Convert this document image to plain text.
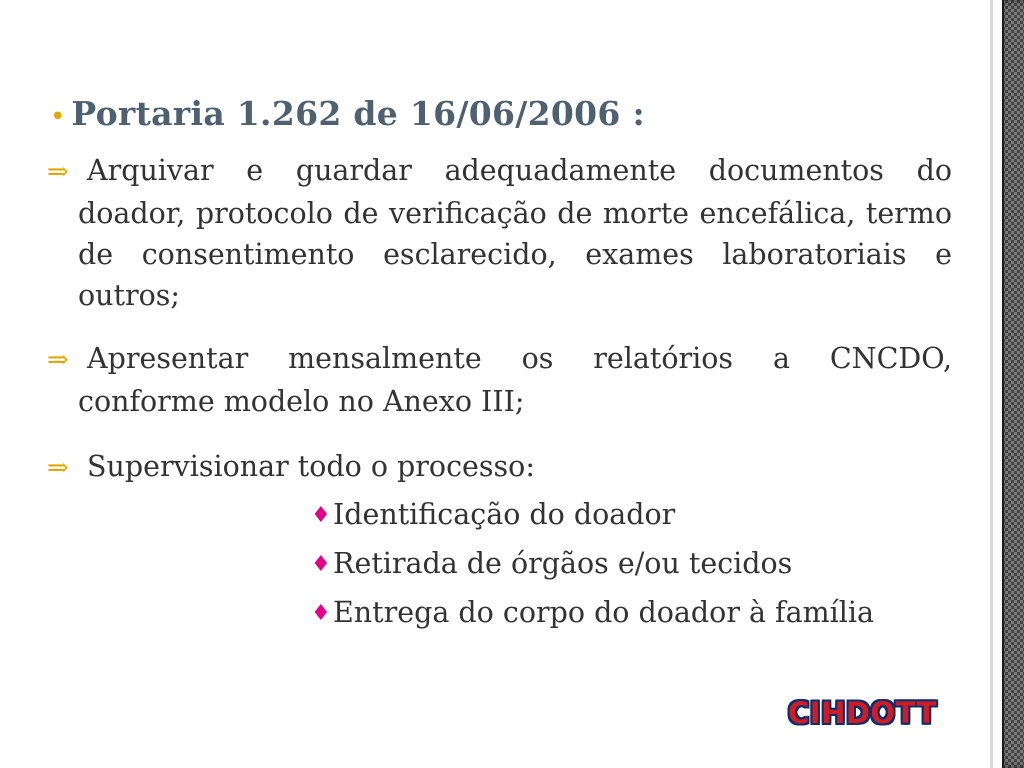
• Portaria 1.262 de 16/06/2006 :
⇒ Arquivar e guardar adequadamente documentos do
doador, protocolo de verificação de morte encefálica, termo de consentimento esclarecido, exames laboratoriais e outros;
⇒ Apresentar mensalmente os relatórios a CNCDO,
conforme modelo no Anexo III;
⇒ Supervisionar todo o processo:
♦Identificação do doador
♦Retirada de órgãos e/ou tecidos
♦Entrega do corpo do doador à família
CIHDOTT
